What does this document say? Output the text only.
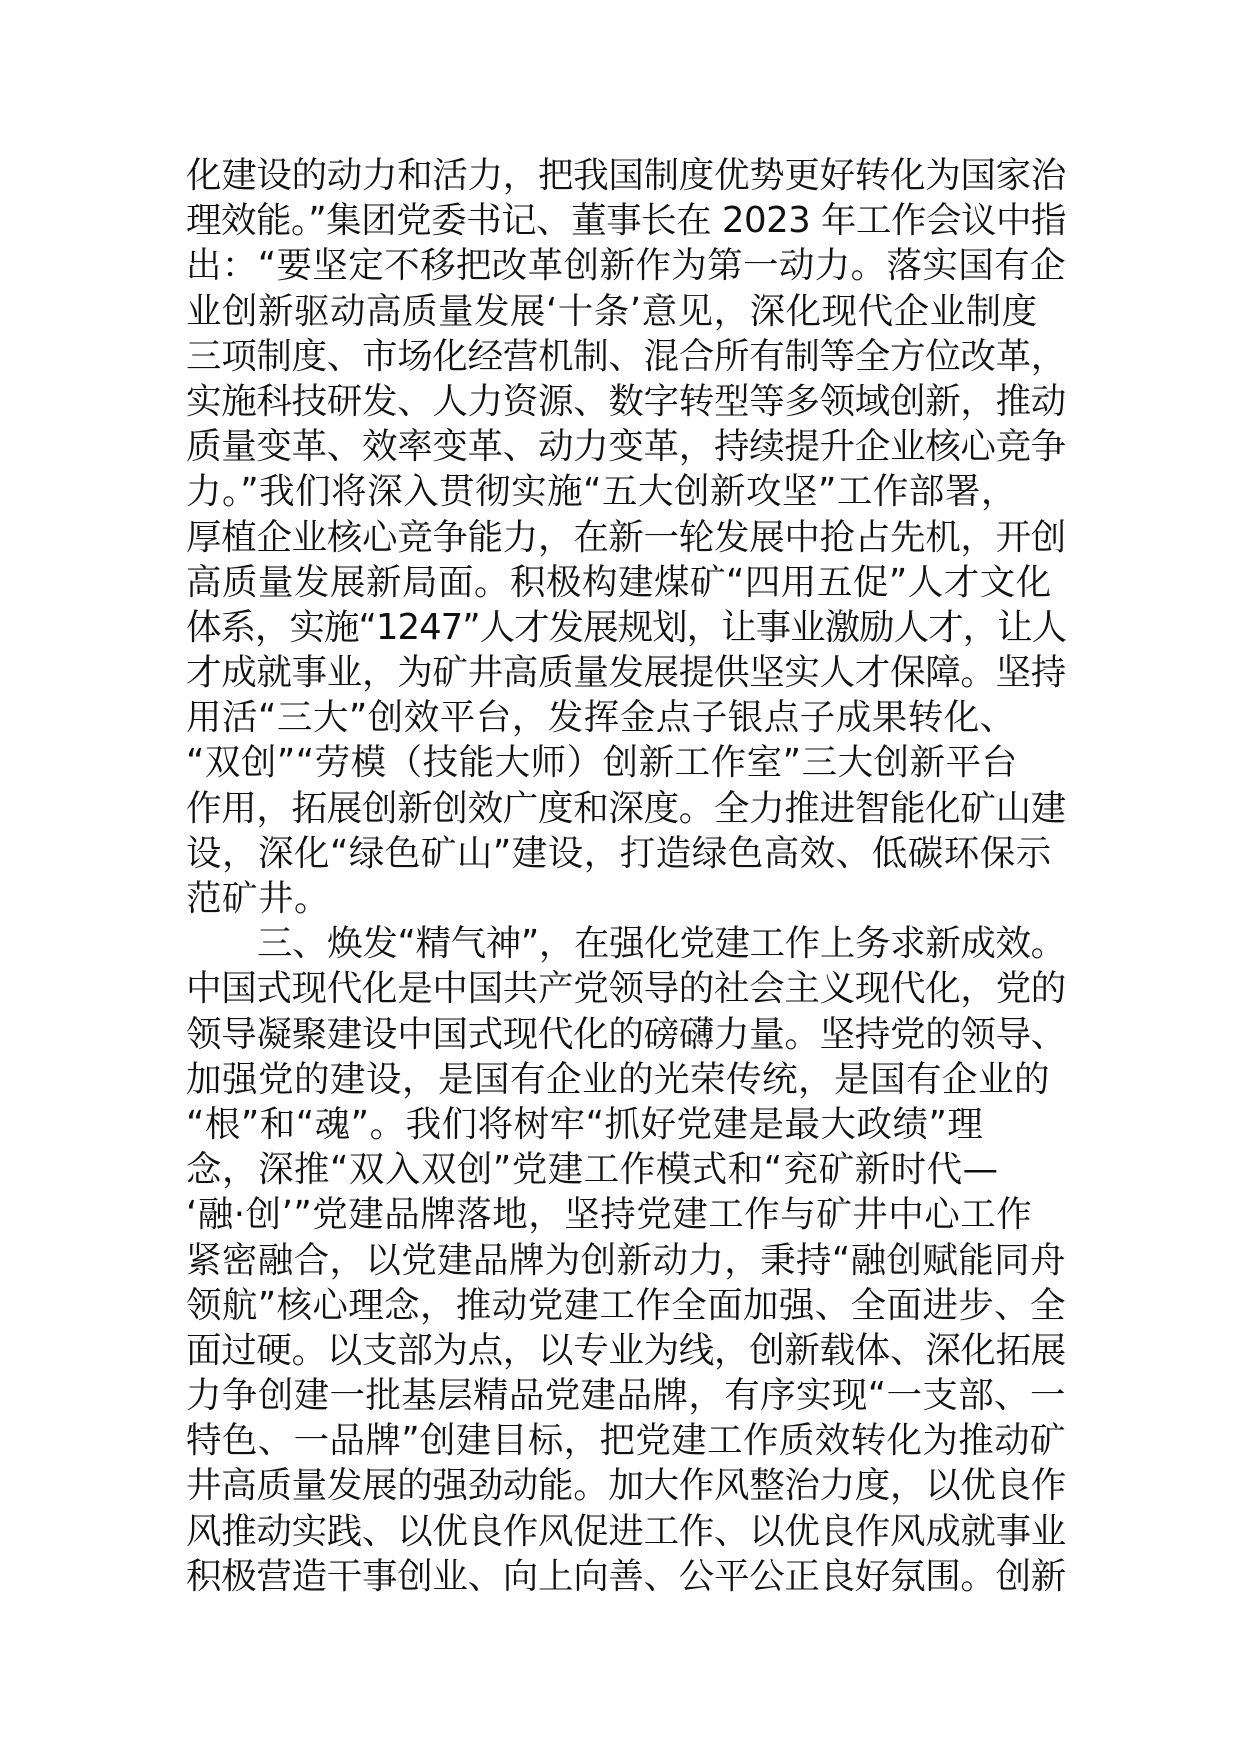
化建设的动力和活力，把我国制度优势更好转化为国家治
理效能。”集团党委书记、董事长在 2023 年工作会议中指
出：“要坚定不移把改革创新作为第一动力。落实国有企
业创新驱动高质量发展‘十条’意见，深化现代企业制度
三项制度、市场化经营机制、混合所有制等全方位改革，
实施科技研发、人力资源、数字转型等多领域创新，推动
质量变革、效率变革、动力变革，持续提升企业核心竞争
力。”我们将深入贯彻实施“五大创新攻坚”工作部署，
厚植企业核心竞争能力，在新一轮发展中抢占先机，开创
高质量发展新局面。积极构建煤矿“四用五促”人才文化
体系，实施“1247”人才发展规划，让事业激励人才，让人
才成就事业，为矿井高质量发展提供坚实人才保障。坚持
用活“三大”创效平台，发挥金点子银点子成果转化、
“双创”“劳模（技能大师）创新工作室”三大创新平台
作用，拓展创新创效广度和深度。全力推进智能化矿山建
设，深化“绿色矿山”建设，打造绿色高效、低碳环保示
范矿井。
三、焕发“精气神”，在强化党建工作上务求新成效。
中国式现代化是中国共产党领导的社会主义现代化，党的
领导凝聚建设中国式现代化的磅礴力量。坚持党的领导、
加强党的建设，是国有企业的光荣传统，是国有企业的
“根”和“魂”。我们将树牢“抓好党建是最大政绩”理
念，深推“双入双创”党建工作模式和“兖矿新时代—
‘融·创’”党建品牌落地，坚持党建工作与矿井中心工作
紧密融合，以党建品牌为创新动力，秉持“融创赋能同舟
领航”核心理念，推动党建工作全面加强、全面进步、全
面过硬。以支部为点，以专业为线，创新载体、深化拓展
力争创建一批基层精品党建品牌，有序实现“一支部、一
特色、一品牌”创建目标，把党建工作质效转化为推动矿
井高质量发展的强劲动能。加大作风整治力度，以优良作
风推动实践、以优良作风促进工作、以优良作风成就事业
积极营造干事创业、向上向善、公平公正良好氛围。创新
